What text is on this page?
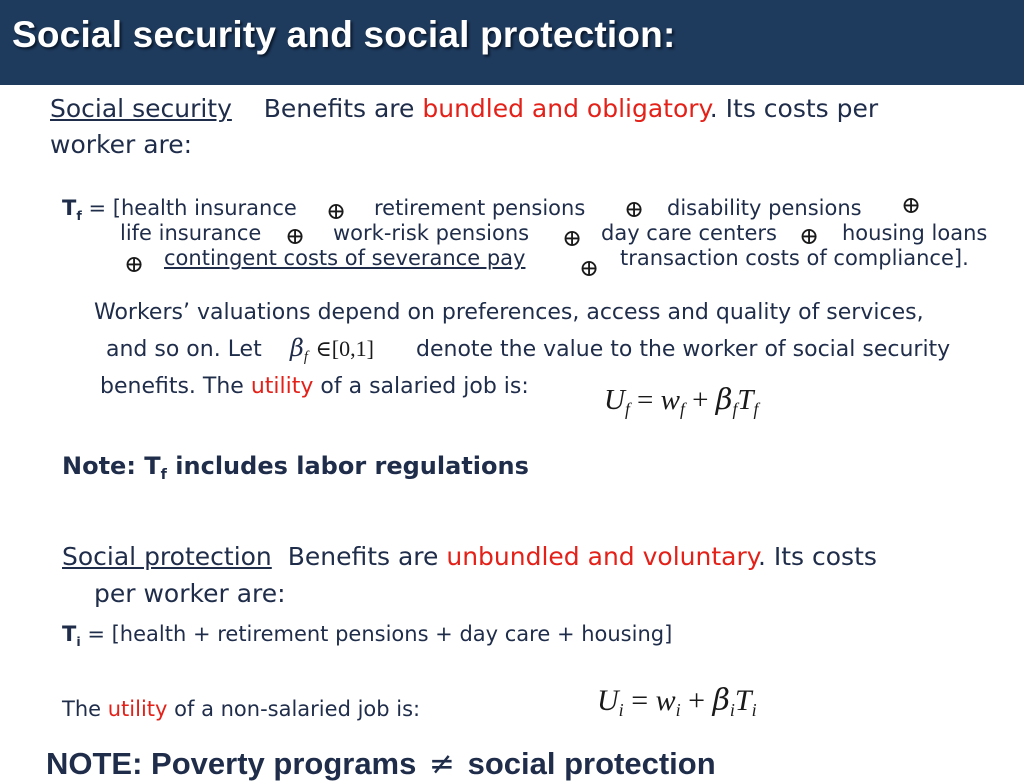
Social security and social protection:
Social security Benefits are bundled and obligatory. Its costs per
worker are:
$T_f$ = [health insurance ⊕ retirement pensions ⊕ disability pensions ⊕
life insurance ⊕ work-risk pensions ⊕ day care centers ⊕ housing loans
⊕ contingent costs of severance pay ⊕ transaction costs of compliance].
Workers’ valuations depend on preferences, access and quality of services,
and so on. Let $\beta_f$ ∈[0,1] denote the value to the worker of social security
benefits. The utility of a salaried job is:	$U_f = w_f + \beta_fT_f$
Note: $T_f$ includes labor regulations
Social protection Benefits are unbundled and voluntary. Its costs
per worker are:
$T_i$ = [health + retirement pensions + day care + housing]
The utility of a non-salaried job is:	$U_i = w_i + \beta_iT_i$
NOTE: Poverty programs ≠ social protection
